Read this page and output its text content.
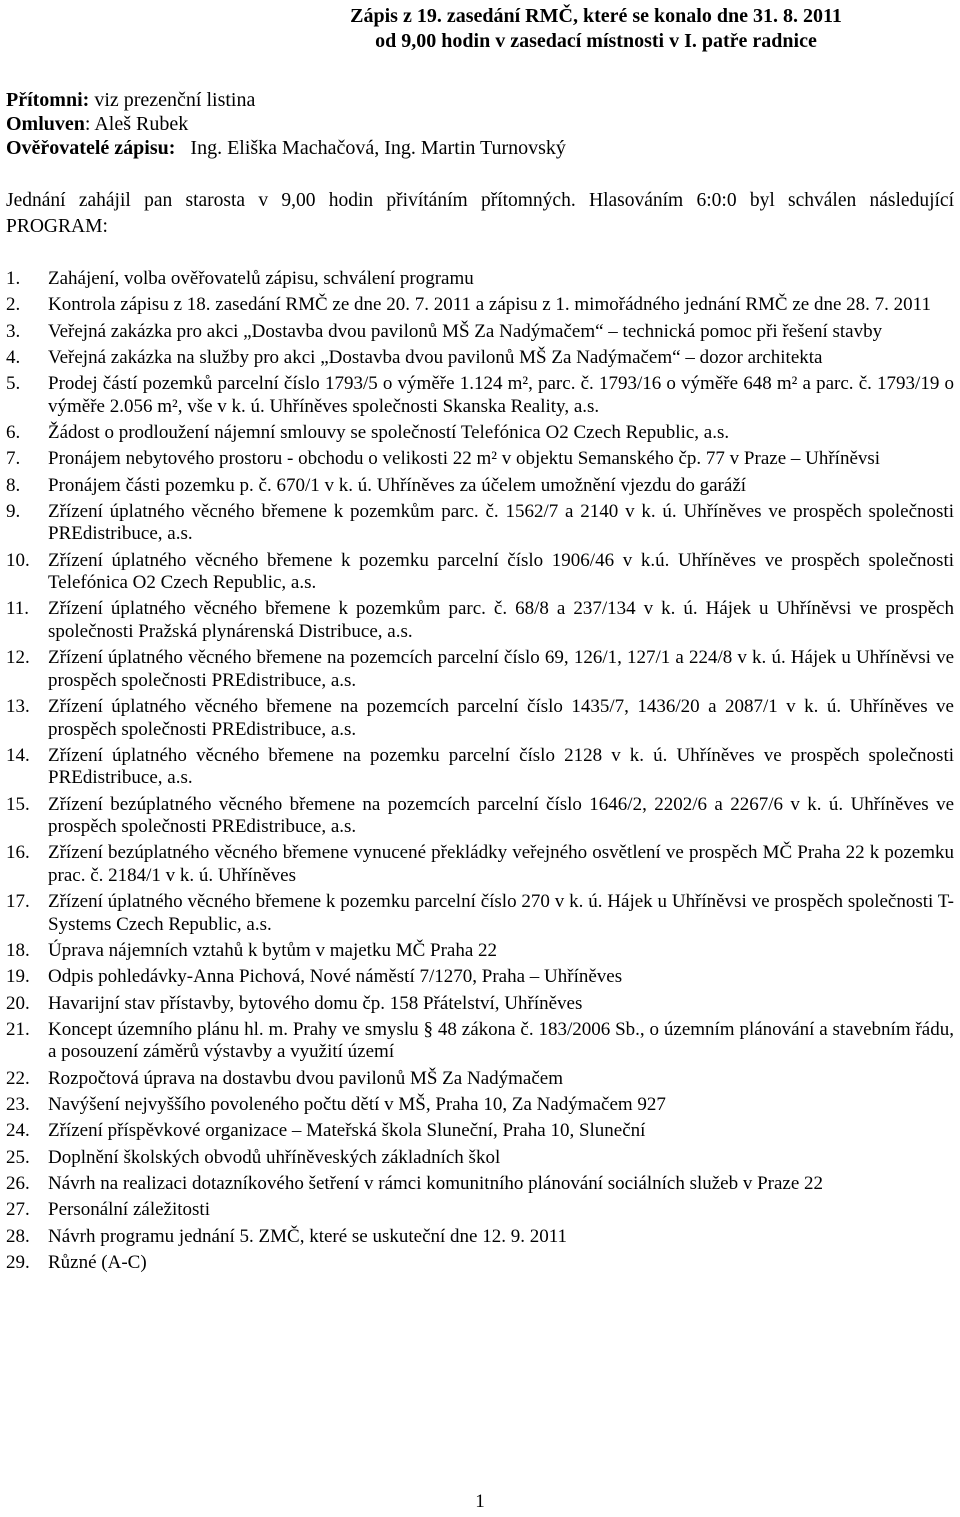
Zápis z 19. zasedání RMČ, které se konalo dne 31. 8. 2011
od 9,00 hodin v zasedací místnosti v I. patře radnice
Přítomni: viz prezenční listina
Omluven: Aleš Rubek
Ověřovatelé zápisu:   Ing. Eliška Machačová, Ing. Martin Turnovský
Jednání zahájil pan starosta v 9,00 hodin přivítáním přítomných. Hlasováním 6:0:0 byl schválen následující PROGRAM:
1.	Zahájení, volba ověřovatelů zápisu, schválení programu
2.	Kontrola zápisu z 18. zasedání RMČ ze dne 20. 7. 2011 a zápisu z 1. mimořádného jednání RMČ ze dne 28. 7. 2011
3.	Veřejná zakázka pro akci „Dostavba dvou pavilonů MŠ Za Nadýmačem“ – technická pomoc při řešení stavby
4.	Veřejná zakázka na služby pro akci „Dostavba dvou pavilonů MŠ Za Nadýmačem“ – dozor architekta
5.	Prodej částí pozemků parcelní číslo 1793/5 o výměře 1.124 m², parc. č. 1793/16 o výměře 648 m² a parc. č. 1793/19 o výměře 2.056 m², vše v k. ú. Uhříněves společnosti Skanska Reality, a.s.
6.	Žádost o prodloužení nájemní smlouvy se společností Telefónica O2 Czech Republic, a.s.
7.	Pronájem nebytového prostoru - obchodu o velikosti 22 m² v objektu Semanského čp. 77 v Praze – Uhříněvsi
8.	Pronájem části pozemku p. č. 670/1 v k. ú. Uhříněves za účelem umožnění vjezdu do garáží
9.	Zřízení úplatného věcného břemene k pozemkům parc. č. 1562/7 a 2140 v k. ú. Uhříněves ve prospěch společnosti PREdistribuce, a.s.
10. Zřízení úplatného věcného břemene k pozemku parcelní číslo 1906/46 v k.ú. Uhříněves ve prospěch společnosti Telefónica O2 Czech Republic, a.s.
11. Zřízení úplatného věcného břemene k pozemkům parc. č. 68/8 a 237/134 v k. ú. Hájek u Uhříněvsi ve prospěch společnosti Pražská plynárenská Distribuce, a.s.
12. Zřízení úplatného věcného břemene na pozemcích parcelní číslo 69, 126/1, 127/1 a 224/8 v k. ú. Hájek u Uhříněvsi ve prospěch společnosti PREdistribuce, a.s.
13. Zřízení úplatného věcného břemene na pozemcích parcelní číslo 1435/7, 1436/20 a 2087/1 v k. ú. Uhříněves ve prospěch společnosti PREdistribuce, a.s.
14. Zřízení úplatného věcného břemene na pozemku parcelní číslo 2128 v k. ú. Uhříněves ve prospěch společnosti PREdistribuce, a.s.
15. Zřízení bezúplatného věcného břemene na pozemcích parcelní číslo 1646/2, 2202/6 a 2267/6 v k. ú. Uhříněves ve prospěch společnosti PREdistribuce, a.s.
16. Zřízení bezúplatného věcného břemene vynucené překládky veřejného osvětlení ve prospěch MČ Praha 22 k pozemku prac. č. 2184/1 v k. ú. Uhříněves
17. Zřízení úplatného věcného břemene k pozemku parcelní číslo 270 v k. ú. Hájek u Uhříněvsi ve prospěch společnosti T-Systems Czech Republic, a.s.
18. Úprava nájemních vztahů k bytům v majetku MČ Praha 22
19. Odpis pohledávky-Anna Pichová, Nové náměstí 7/1270, Praha – Uhříněves
20. Havarijní stav přístavby, bytového domu čp. 158 Přátelství, Uhříněves
21. Koncept územního plánu hl. m. Prahy ve smyslu § 48 zákona č. 183/2006 Sb., o územním plánování a stavebním řádu, a posouzení záměrů výstavby a využití území
22. Rozpočtová úprava na dostavbu dvou pavilonů MŠ Za Nadýmačem
23. Navýšení nejvyššího povoleného počtu dětí v MŠ, Praha 10, Za Nadýmačem 927
24. Zřízení příspěvkové organizace – Mateřská škola Sluneční, Praha 10, Sluneční
25. Doplnění školských obvodů uhříněveských základních škol
26. Návrh na realizaci dotazníkového šetření v rámci komunitního plánování sociálních služeb v Praze 22
27. Personální záležitosti
28. Návrh programu jednání 5. ZMČ, které se uskuteční dne 12. 9. 2011
29. Různé (A-C)
1
